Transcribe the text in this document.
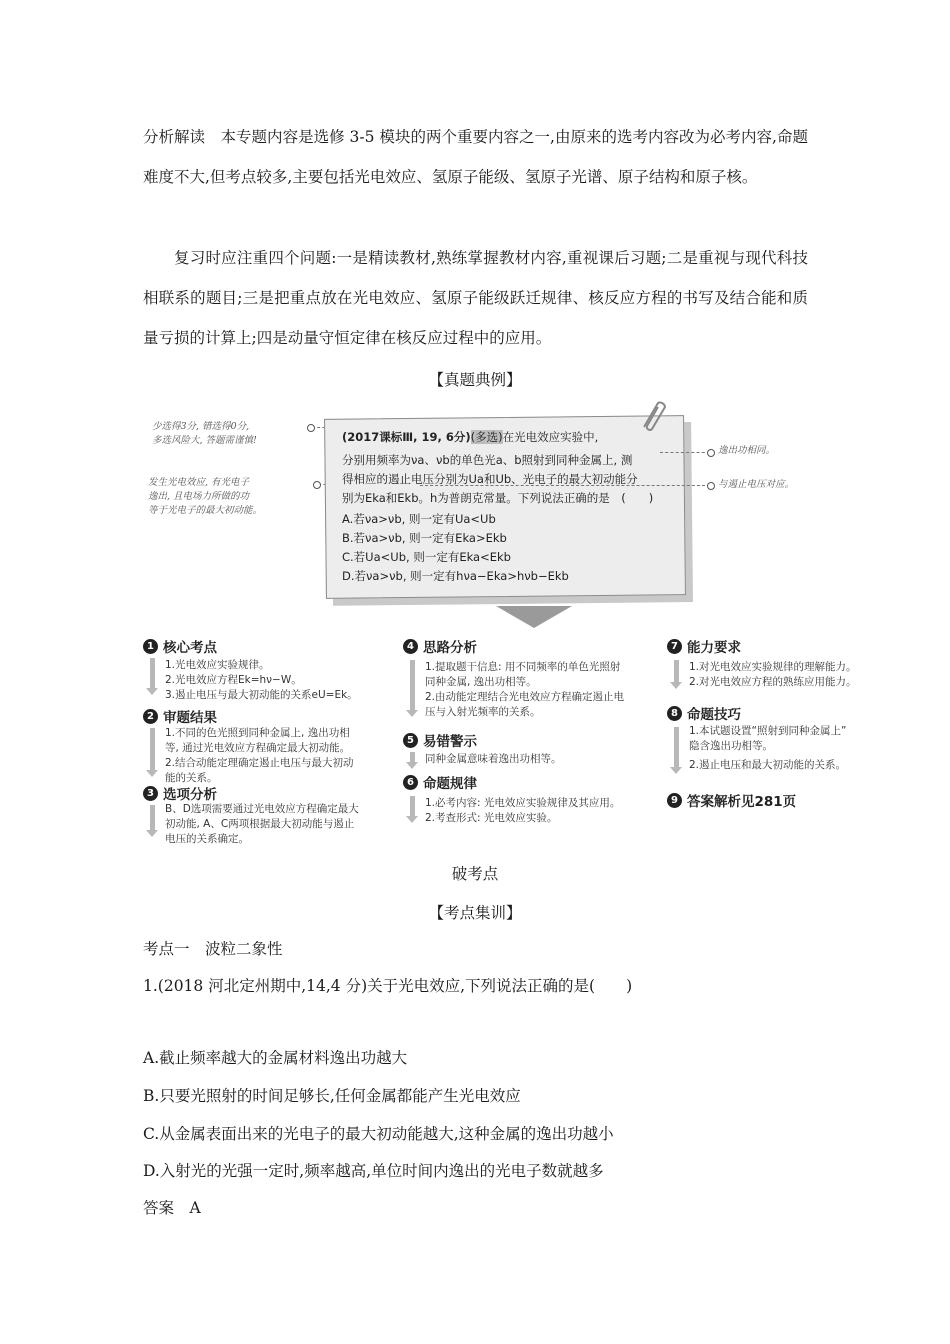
分析解读　本专题内容是选修 3-5 模块的两个重要内容之一,由原来的选考内容改为必考内容,命题难度不大,但考点较多,主要包括光电效应、氢原子能级、氢原子光谱、原子结构和原子核。
复习时应注重四个问题:一是精读教材,熟练掌握教材内容,重视课后习题;二是重视与现代科技相联系的题目;三是把重点放在光电效应、氢原子能级跃迁规律、核反应方程的书写及结合能和质量亏损的计算上;四是动量守恒定律在核反应过程中的应用。
【真题典例】
少选得3分, 错选得0分,
多选风险大, 答题需谨慎!
发生光电效应, 有光电子
逸出, 且电场力所做的功
等于光电子的最大初动能。
(2017课标Ⅲ, 19, 6分)(多选)在光电效应实验中,
分别用频率为νa、νb的单色光a、b照射到同种金属上, 测
得相应的遏止电压分别为Ua和Ub、光电子的最大初动能分
别为Eka和Ekb。h为普朗克常量。下列说法正确的是　(　　)
A.若νa>νb, 则一定有Ua<Ub
B.若νa>νb, 则一定有Eka>Ekb
C.若Ua<Ub, 则一定有Eka<Ekb
D.若νa>νb, 则一定有hνa−Eka>hνb−Ekb
逸出功相同。
与遏止电压对应。
1 核心考点
1.光电效应实验规律。
2.光电效应方程Ek=hν−W。
3.遏止电压与最大初动能的关系eU=Ek。
2 审题结果
1.不同的色光照到同种金属上, 逸出功相
等, 通过光电效应方程确定最大初动能。
2.结合动能定理确定遏止电压与最大初动
能的关系。
3 选项分析
B、D选项需要通过光电效应方程确定最大
初动能, A、C两项根据最大初动能与遏止
电压的关系确定。
4 思路分析
1.提取题干信息: 用不同频率的单色光照射
同种金属, 逸出功相等。
2.由动能定理结合光电效应方程确定遏止电
压与入射光频率的关系。
5 易错警示
同种金属意味着逸出功相等。
6 命题规律
1.必考内容: 光电效应实验规律及其应用。
2.考查形式: 光电效应实验。
7 能力要求
1.对光电效应实验规律的理解能力。
2.对光电效应方程的熟练应用能力。
8 命题技巧
1.本试题设置“照射到同种金属上”
隐含逸出功相等。
2.遏止电压和最大初动能的关系。
9 答案解析见281页
破考点
【考点集训】
考点一　波粒二象性
1.(2018 河北定州期中,14,4 分)关于光电效应,下列说法正确的是(　　)
A.截止频率越大的金属材料逸出功越大
B.只要光照射的时间足够长,任何金属都能产生光电效应
C.从金属表面出来的光电子的最大初动能越大,这种金属的逸出功越小
D.入射光的光强一定时,频率越高,单位时间内逸出的光电子数就越多
答案　A
